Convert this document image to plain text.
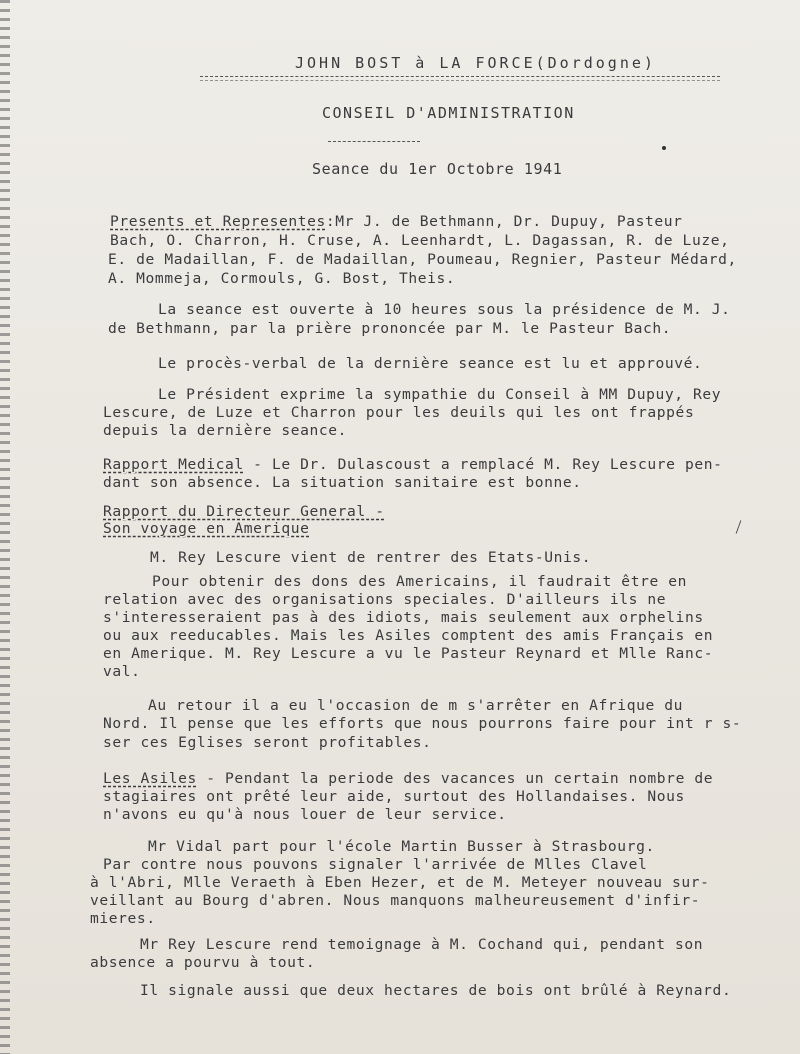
JOHN BOST à LA FORCE(Dordogne)
CONSEIL D'ADMINISTRATION
Seance du 1er Octobre 1941
Presents et Representes:Mr J. de Bethmann, Dr. Dupuy, Pasteur
Bach, O. Charron, H. Cruse, A. Leenhardt, L. Dagassan, R. de Luze,
E. de Madaillan, F. de Madaillan, Poumeau, Regnier, Pasteur Médard,
A. Mommeja, Cormouls, G. Bost, Theis.
La seance est ouverte à 10 heures sous la présidence de M. J.
de Bethmann, par la prière prononcée par M. le Pasteur Bach.
Le procès-verbal de la dernière seance est lu et approuvé.
Le Président exprime la sympathie du Conseil à MM Dupuy, Rey
Lescure, de Luze et Charron pour les deuils qui les ont frappés
depuis la dernière seance.
Rapport Medical - Le Dr. Dulascoust a remplacé M. Rey Lescure pen-
dant son absence. La situation sanitaire est bonne.
Rapport du Directeur General -
Son voyage en Amerique
M. Rey Lescure vient de rentrer des Etats-Unis.
Pour obtenir des dons des Americains, il faudrait être en
relation avec des organisations speciales. D'ailleurs ils ne
s'interesseraient pas à des idiots, mais seulement aux orphelins
ou aux reeducables. Mais les Asiles comptent des amis Français en
en Amerique. M. Rey Lescure a vu le Pasteur Reynard et Mlle Ranc-
val.
Au retour il a eu l'occasion de m s'arrêter en Afrique du
Nord. Il pense que les efforts que nous pourrons faire pour int r s-
ser ces Eglises seront profitables.
Les Asiles - Pendant la periode des vacances un certain nombre de
stagiaires ont prêté leur aide, surtout des Hollandaises. Nous
n'avons eu qu'à nous louer de leur service.
Mr Vidal part pour l'école Martin Busser à Strasbourg.
Par contre nous pouvons signaler l'arrivée de Mlles Clavel
à l'Abri, Mlle Veraeth à Eben Hezer, et de M. Meteyer nouveau sur-
veillant au Bourg d'abren. Nous manquons malheureusement d'infir-
mieres.
Mr Rey Lescure rend temoignage à M. Cochand qui, pendant son
absence a pourvu à tout.
Il signale aussi que deux hectares de bois ont brûlé à Reynard.
